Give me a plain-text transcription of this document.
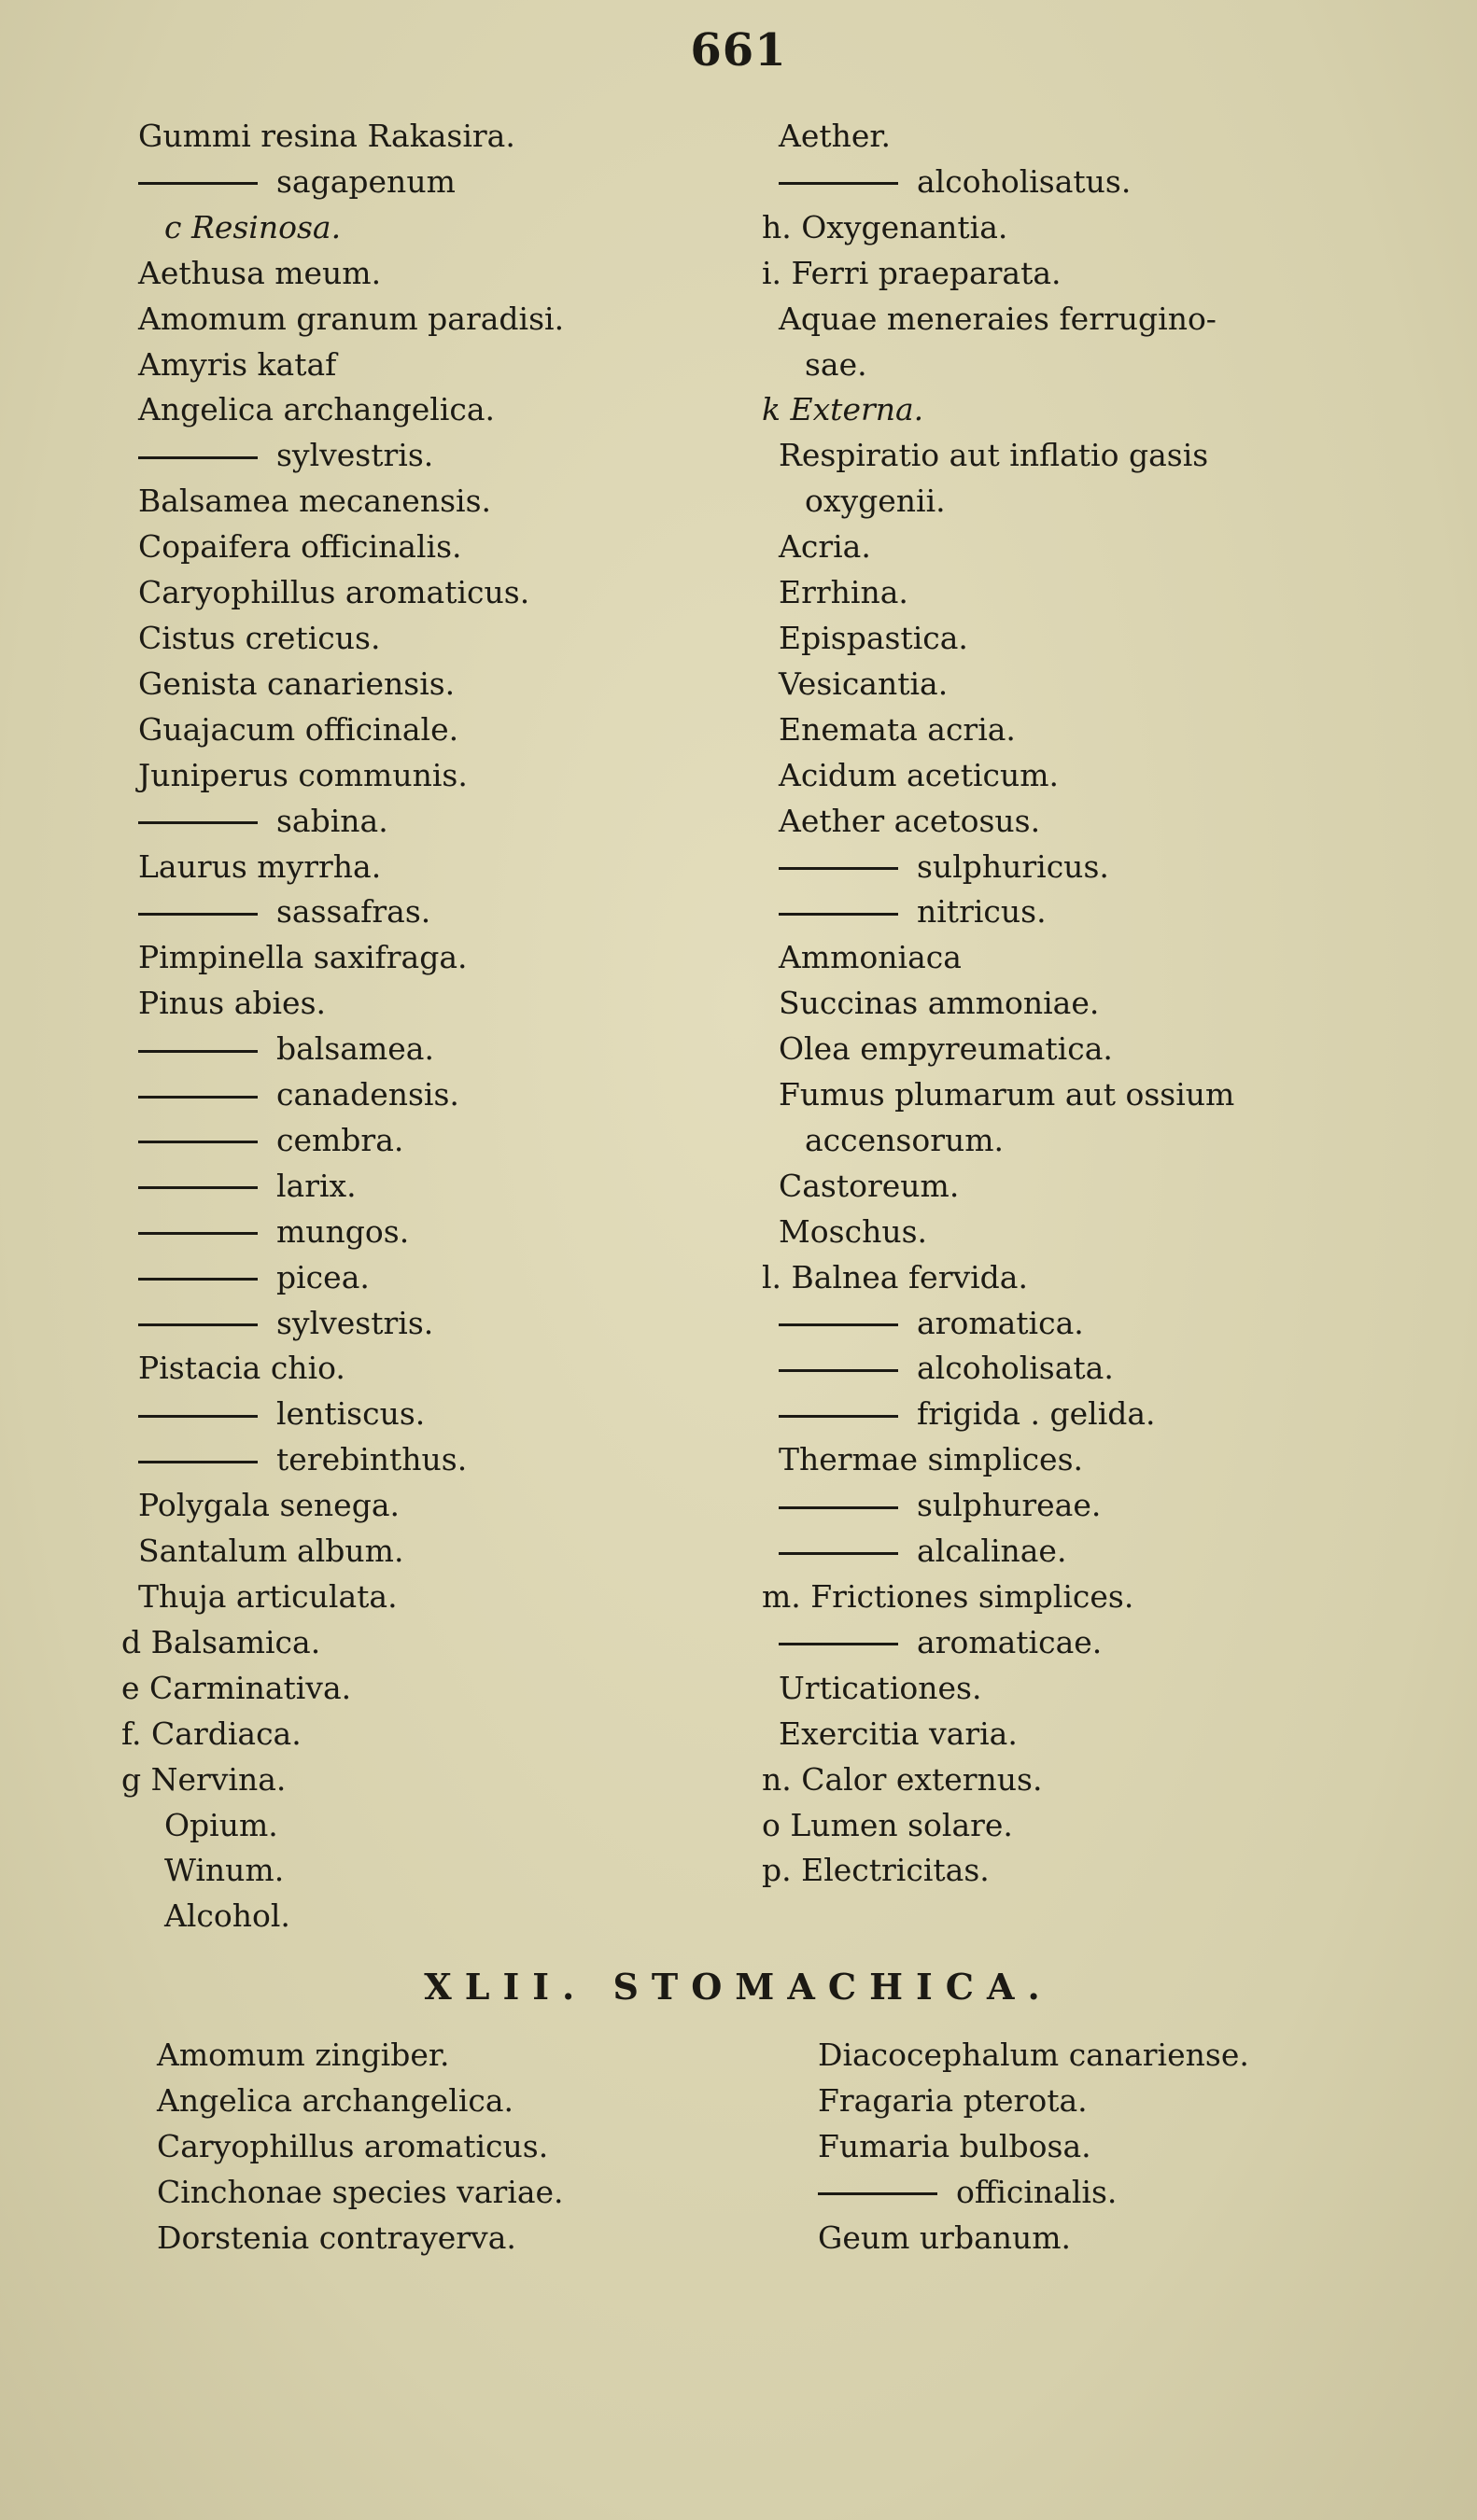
661
Gummi resina Rakasira.
sagapenum
c Resinosa.
Aethusa meum.
Amomum granum paradisi.
Amyris kataf
Angelica archangelica.
sylvestris.
Balsamea mecanensis.
Copaifera officinalis.
Caryophillus aromaticus.
Cistus creticus.
Genista canariensis.
Guajacum officinale.
Juniperus communis.
sabina.
Laurus myrrha.
sassafras.
Pimpinella saxifraga.
Pinus abies.
balsamea.
canadensis.
cembra.
larix.
mungos.
picea.
sylvestris.
Pistacia chio.
lentiscus.
terebinthus.
Polygala senega.
Santalum album.
Thuja articulata.
d Balsamica.
e Carminativa.
f. Cardiaca.
g Nervina.
Opium.
Winum.
Alcohol.
Aether.
alcoholisatus.
h. Oxygenantia.
i. Ferri praeparata.
Aquae meneraies ferrugino-
sae.
k Externa.
Respiratio aut inflatio gasis
oxygenii.
Acria.
Errhina.
Epispastica.
Vesicantia.
Enemata acria.
Acidum aceticum.
Aether acetosus.
sulphuricus.
nitricus.
Ammoniaca
Succinas ammoniae.
Olea empyreumatica.
Fumus plumarum aut ossium
accensorum.
Castoreum.
Moschus.
l. Balnea fervida.
aromatica.
alcoholisata.
frigida . gelida.
Thermae simplices.
sulphureae.
alcalinae.
m. Frictiones simplices.
aromaticae.
Urticationes.
Exercitia varia.
n. Calor externus.
o Lumen solare.
p. Electricitas.
XLII. STOMACHICA.
Amomum zingiber.
Angelica archangelica.
Caryophillus aromaticus.
Cinchonae species variae.
Dorstenia contrayerva.
Diacocephalum canariense.
Fragaria pterota.
Fumaria bulbosa.
officinalis.
Geum urbanum.
